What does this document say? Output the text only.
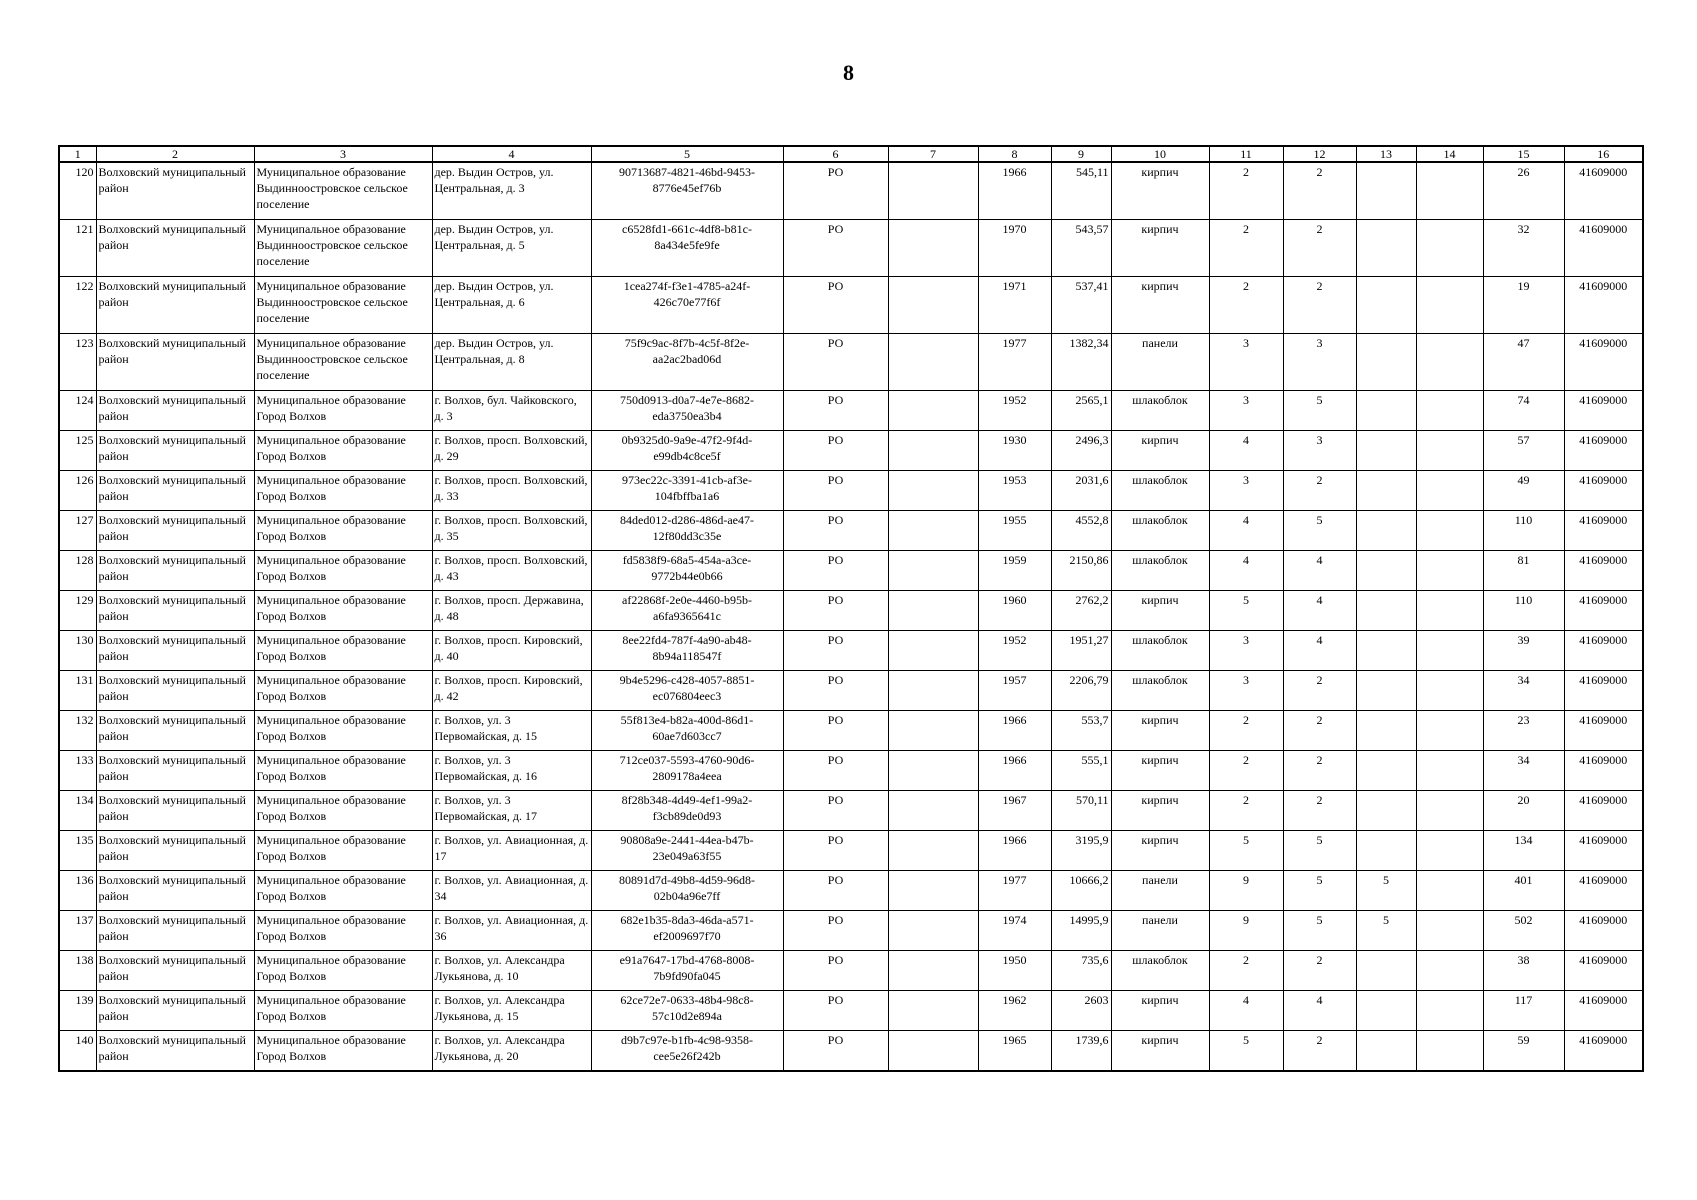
8
1	2	3	4	5	6	7	8	9	10	11	12	13	14	15	16
120	Волховский муниципальный район	Муниципальное образование Выдинноостровское сельское поселение	дер. Выдин Остров, ул. Центральная, д. 3	90713687-4821-46bd-9453-8776e45ef76b	РО		1966	545,11	кирпич	2	2			26	41609000
121	Волховский муниципальный район	Муниципальное образование Выдинноостровское сельское поселение	дер. Выдин Остров, ул. Центральная, д. 5	c6528fd1-661c-4df8-b81c-8a434e5fe9fe	РО		1970	543,57	кирпич	2	2			32	41609000
122	Волховский муниципальный район	Муниципальное образование Выдинноостровское сельское поселение	дер. Выдин Остров, ул. Центральная, д. 6	1cea274f-f3e1-4785-a24f-426c70e77f6f	РО		1971	537,41	кирпич	2	2			19	41609000
123	Волховский муниципальный район	Муниципальное образование Выдинноостровское сельское поселение	дер. Выдин Остров, ул. Центральная, д. 8	75f9c9ac-8f7b-4c5f-8f2e-aa2ac2bad06d	РО		1977	1382,34	панели	3	3			47	41609000
124	Волховский муниципальный район	Муниципальное образование Город Волхов	г. Волхов, бул. Чайковского, д. 3	750d0913-d0a7-4e7e-8682-eda3750ea3b4	РО		1952	2565,1	шлакоблок	3	5			74	41609000
125	Волховский муниципальный район	Муниципальное образование Город Волхов	г. Волхов, просп. Волховский, д. 29	0b9325d0-9a9e-47f2-9f4d-e99db4c8ce5f	РО		1930	2496,3	кирпич	4	3			57	41609000
126	Волховский муниципальный район	Муниципальное образование Город Волхов	г. Волхов, просп. Волховский, д. 33	973ec22c-3391-41cb-af3e-104fbffba1a6	РО		1953	2031,6	шлакоблок	3	2			49	41609000
127	Волховский муниципальный район	Муниципальное образование Город Волхов	г. Волхов, просп. Волховский, д. 35	84ded012-d286-486d-ae47-12f80dd3c35e	РО		1955	4552,8	шлакоблок	4	5			110	41609000
128	Волховский муниципальный район	Муниципальное образование Город Волхов	г. Волхов, просп. Волховский, д. 43	fd5838f9-68a5-454a-a3ce-9772b44e0b66	РО		1959	2150,86	шлакоблок	4	4			81	41609000
129	Волховский муниципальный район	Муниципальное образование Город Волхов	г. Волхов, просп. Державина, д. 48	af22868f-2e0e-4460-b95b-a6fa9365641c	РО		1960	2762,2	кирпич	5	4			110	41609000
130	Волховский муниципальный район	Муниципальное образование Город Волхов	г. Волхов, просп. Кировский, д. 40	8ee22fd4-787f-4a90-ab48-8b94a118547f	РО		1952	1951,27	шлакоблок	3	4			39	41609000
131	Волховский муниципальный район	Муниципальное образование Город Волхов	г. Волхов, просп. Кировский, д. 42	9b4e5296-c428-4057-8851-ec076804eec3	РО		1957	2206,79	шлакоблок	3	2			34	41609000
132	Волховский муниципальный район	Муниципальное образование Город Волхов	г. Волхов, ул. 3 Первомайская, д. 15	55f813e4-b82a-400d-86d1-60ae7d603cc7	РО		1966	553,7	кирпич	2	2			23	41609000
133	Волховский муниципальный район	Муниципальное образование Город Волхов	г. Волхов, ул. 3 Первомайская, д. 16	712ce037-5593-4760-90d6-2809178a4eea	РО		1966	555,1	кирпич	2	2			34	41609000
134	Волховский муниципальный район	Муниципальное образование Город Волхов	г. Волхов, ул. 3 Первомайская, д. 17	8f28b348-4d49-4ef1-99a2-f3cb89de0d93	РО		1967	570,11	кирпич	2	2			20	41609000
135	Волховский муниципальный район	Муниципальное образование Город Волхов	г. Волхов, ул. Авиационная, д. 17	90808a9e-2441-44ea-b47b-23e049a63f55	РО		1966	3195,9	кирпич	5	5			134	41609000
136	Волховский муниципальный район	Муниципальное образование Город Волхов	г. Волхов, ул. Авиационная, д. 34	80891d7d-49b8-4d59-96d8-02b04a96e7ff	РО		1977	10666,2	панели	9	5	5		401	41609000
137	Волховский муниципальный район	Муниципальное образование Город Волхов	г. Волхов, ул. Авиационная, д. 36	682e1b35-8da3-46da-a571-ef2009697f70	РО		1974	14995,9	панели	9	5	5		502	41609000
138	Волховский муниципальный район	Муниципальное образование Город Волхов	г. Волхов, ул. Александра Лукьянова, д. 10	e91a7647-17bd-4768-8008-7b9fd90fa045	РО		1950	735,6	шлакоблок	2	2			38	41609000
139	Волховский муниципальный район	Муниципальное образование Город Волхов	г. Волхов, ул. Александра Лукьянова, д. 15	62ce72e7-0633-48b4-98c8-57c10d2e894a	РО		1962	2603	кирпич	4	4			117	41609000
140	Волховский муниципальный район	Муниципальное образование Город Волхов	г. Волхов, ул. Александра Лукьянова, д. 20	d9b7c97e-b1fb-4c98-9358-cee5e26f242b	РО		1965	1739,6	кирпич	5	2			59	41609000
